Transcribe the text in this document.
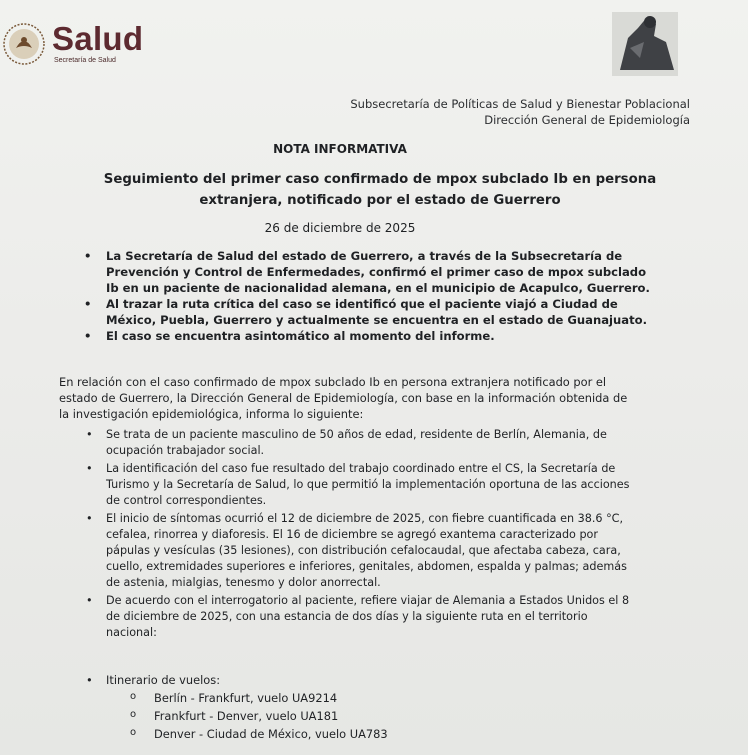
Salud
Secretaría de Salud
Subsecretaría de Políticas de Salud y Bienestar Poblacional
Dirección General de Epidemiología
NOTA INFORMATIVA
Seguimiento del primer caso confirmado de mpox subclado Ib en persona extranjera, notificado por el estado de Guerrero
26 de diciembre de 2025
• La Secretaría de Salud del estado de Guerrero, a través de la Subsecretaría de Prevención y Control de Enfermedades, confirmó el primer caso de mpox subclado Ib en un paciente de nacionalidad alemana, en el municipio de Acapulco, Guerrero.
• Al trazar la ruta crítica del caso se identificó que el paciente viajó a Ciudad de México, Puebla, Guerrero y actualmente se encuentra en el estado de Guanajuato.
• El caso se encuentra asintomático al momento del informe.
En relación con el caso confirmado de mpox subclado Ib en persona extranjera notificado por el estado de Guerrero, la Dirección General de Epidemiología, con base en la información obtenida de la investigación epidemiológica, informa lo siguiente:
• Se trata de un paciente masculino de 50 años de edad, residente de Berlín, Alemania, de ocupación trabajador social.
• La identificación del caso fue resultado del trabajo coordinado entre el CS, la Secretaría de Turismo y la Secretaría de Salud, lo que permitió la implementación oportuna de las acciones de control correspondientes.
• El inicio de síntomas ocurrió el 12 de diciembre de 2025, con fiebre cuantificada en 38.6 °C, cefalea, rinorrea y diaforesis. El 16 de diciembre se agregó exantema caracterizado por pápulas y vesículas (35 lesiones), con distribución cefalocaudal, que afectaba cabeza, cara, cuello, extremidades superiores e inferiores, genitales, abdomen, espalda y palmas; además de astenia, mialgias, tenesmo y dolor anorrectal.
• De acuerdo con el interrogatorio al paciente, refiere viajar de Alemania a Estados Unidos el 8 de diciembre de 2025, con una estancia de dos días y la siguiente ruta en el territorio nacional:
• Itinerario de vuelos:
o Berlín - Frankfurt, vuelo UA9214
o Frankfurt - Denver, vuelo UA181
o Denver - Ciudad de México, vuelo UA783
